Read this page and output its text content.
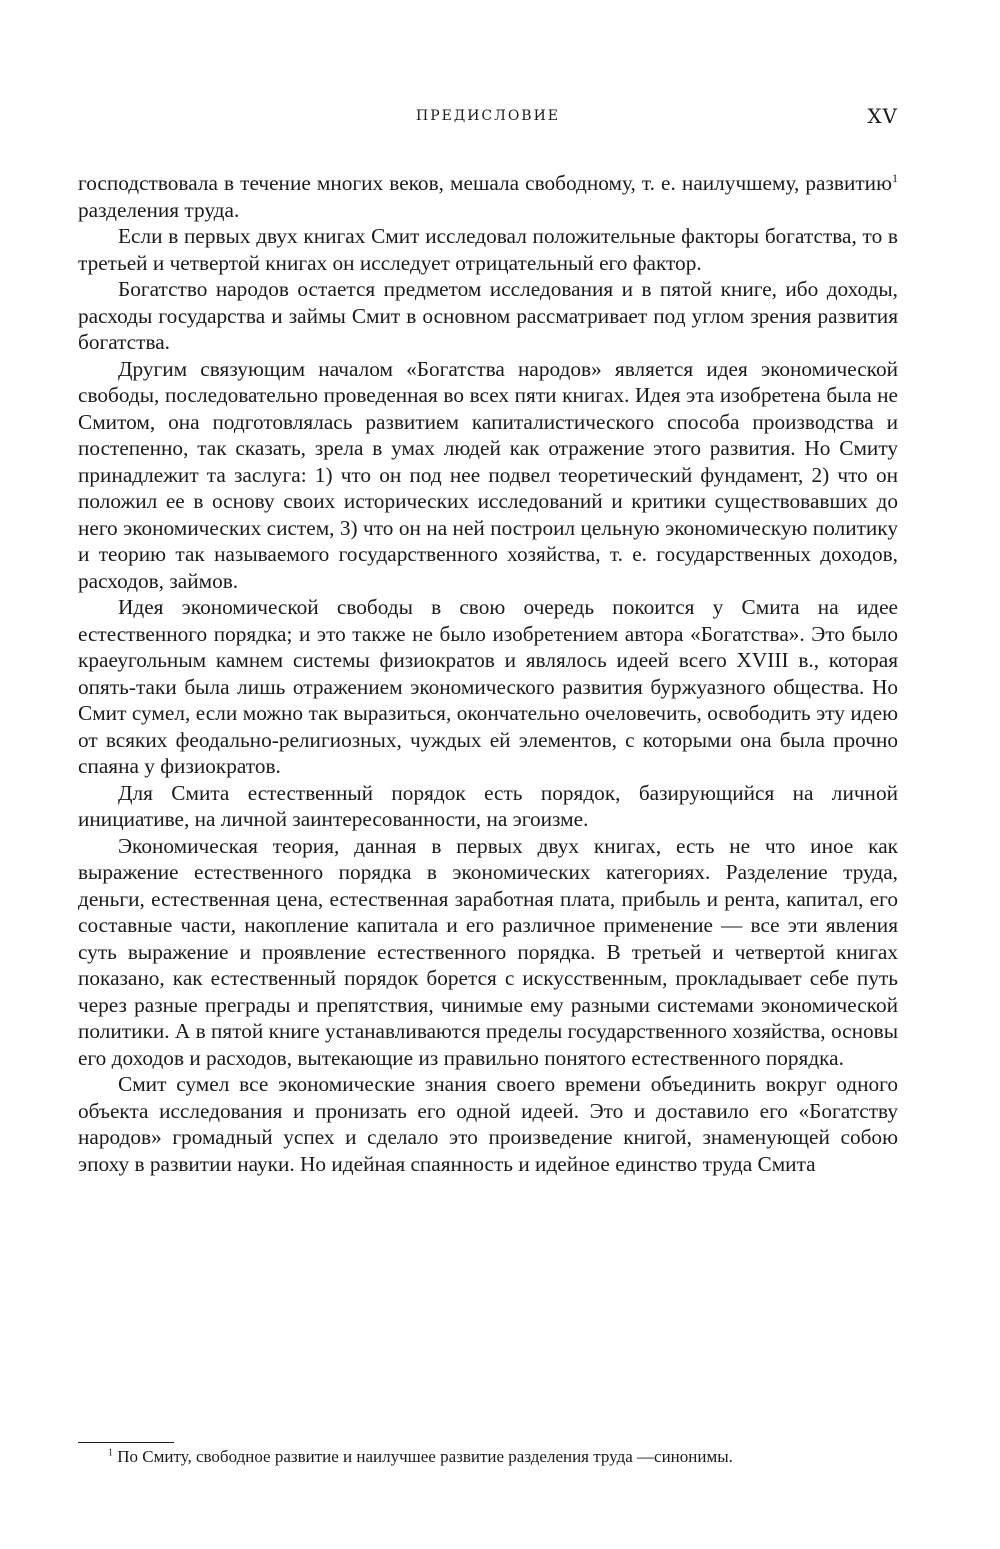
ПРЕДИСЛОВИЕ	XV

господствовала в течение многих веков, мешала свободному, т. е. наилучшему, развитию$^1$ разделения труда.

Если в первых двух книгах Смит исследовал положительные факторы богатства, то в третьей и четвертой книгах он исследует отрицательный его фактор.

Богатство народов остается предметом исследования и в пятой книге, ибо доходы, расходы государства и займы Смит в основном рассматривает под углом зрения развития богатства.

Другим связующим началом «Богатства народов» является идея экономической свободы, последовательно проведенная во всех пяти книгах. Идея эта изобретена была не Смитом, она подготовлялась развитием капиталистического способа производства и постепенно, так сказать, зрела в умах людей как отражение этого развития. Но Смиту принадлежит та заслуга: 1) что он под нее подвел теоретический фундамент, 2) что он положил ее в основу своих исторических исследований и критики существовавших до него экономических систем, 3) что он на ней построил цельную экономическую политику и теорию так называемого государственного хозяйства, т. е. государственных доходов, расходов, займов.

Идея экономической свободы в свою очередь покоится у Смита на идее естественного порядка; и это также не было изобретением автора «Богатства». Это было краеугольным камнем системы физиократов и являлось идеей всего XVIII в., которая опять-таки была лишь отражением экономического развития буржуазного общества. Но Смит сумел, если можно так выразиться, окончательно очеловечить, освободить эту идею от всяких феодально-религиозных, чуждых ей элементов, с которыми она была прочно спаяна у физиократов.

Для Смита естественный порядок есть порядок, базирующийся на личной инициативе, на личной заинтересованности, на эгоизме.

Экономическая теория, данная в первых двух книгах, есть не что иное как выражение естественного порядка в экономических категориях. Разделение труда, деньги, естественная цена, естественная заработная плата, прибыль и рента, капитал, его составные части, накопление капитала и его различное применение — все эти явления суть выражение и проявление естественного порядка. В третьей и четвертой книгах показано, как естественный порядок борется с искусственным, прокладывает себе путь через разные преграды и препятствия, чинимые ему разными системами экономической политики. А в пятой книге устанавливаются пределы государственного хозяйства, основы его доходов и расходов, вытекающие из правильно понятого естественного порядка.

Смит сумел все экономические знания своего времени объединить вокруг одного объекта исследования и пронизать его одной идеей. Это и доставило его «Богатству народов» громадный успех и сделало это произведение книгой, знаменующей собою эпоху в развитии науки. Но идейная спаянность и идейное единство труда Смита

$^1$ По Смиту, свободное развитие и наилучшее развитие разделения труда —синонимы.
